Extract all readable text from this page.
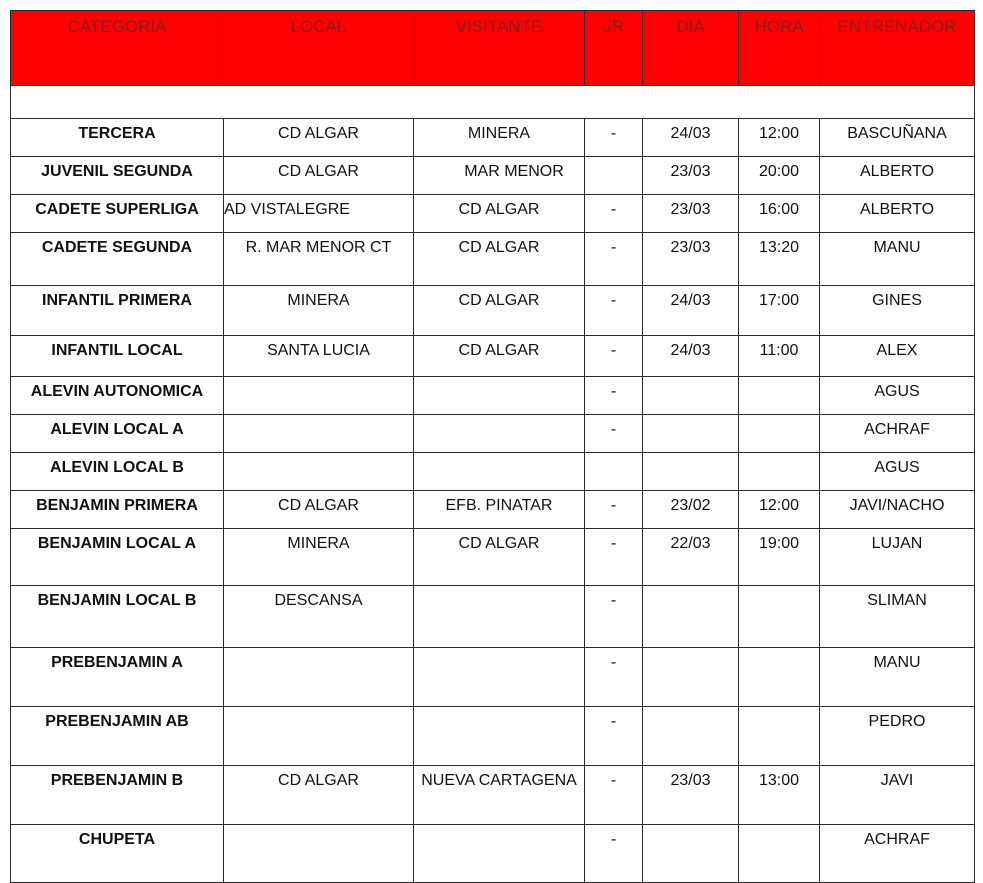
CATEGORIA	LOCAL	VISITANTE	JR	DIA	HORA	ENTRENADOR

TERCERA	CD ALGAR	MINERA	-	24/03	12:00	BASCUÑANA

JUVENIL SEGUNDA	CD ALGAR	MAR MENOR		23/03	20:00	ALBERTO

CADETE SUPERLIGA	AD VISTALEGRE	CD ALGAR	-	23/03	16:00	ALBERTO

CADETE SEGUNDA	R. MAR MENOR CT	CD ALGAR	-	23/03	13:20	MANU

INFANTIL PRIMERA	MINERA	CD ALGAR	-	24/03	17:00	GINES

INFANTIL LOCAL	SANTA LUCIA	CD ALGAR	-	24/03	11:00	ALEX

ALEVIN AUTONOMICA			-			AGUS

ALEVIN LOCAL A			-			ACHRAF

ALEVIN LOCAL B						AGUS

BENJAMIN PRIMERA	CD ALGAR	EFB. PINATAR	-	23/02	12:00	JAVI/NACHO

BENJAMIN LOCAL A	MINERA	CD ALGAR	-	22/03	19:00	LUJAN

BENJAMIN LOCAL B	DESCANSA		-			SLIMAN

PREBENJAMIN A			-			MANU

PREBENJAMIN AB			-			PEDRO

PREBENJAMIN B	CD ALGAR	NUEVA CARTAGENA	-	23/03	13:00	JAVI

CHUPETA			-			ACHRAF
